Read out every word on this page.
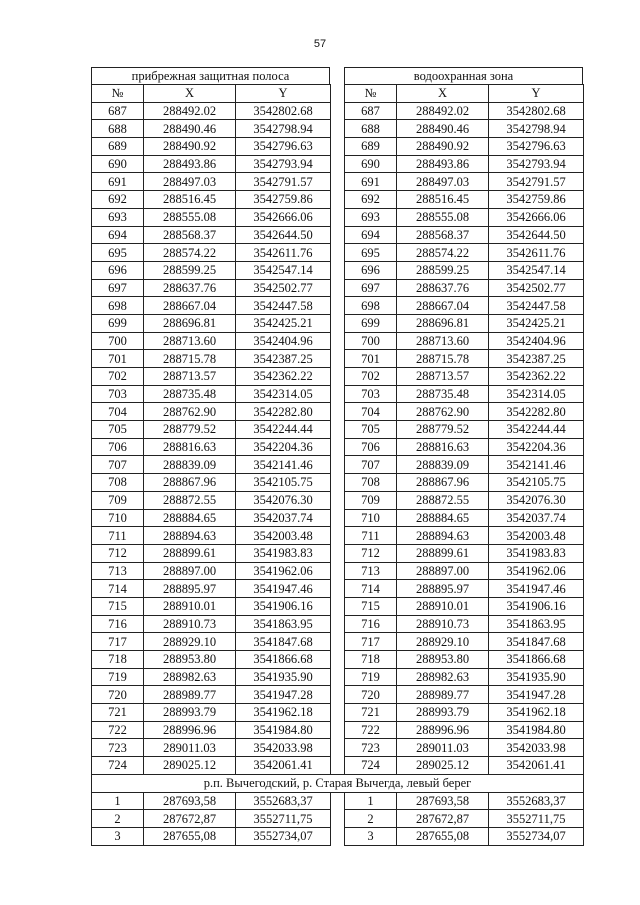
57
прибрежная защитная полоса	водоохранная зона
№	X	Y		№	X	Y
687	288492.02	3542802.68		687	288492.02	3542802.68
688	288490.46	3542798.94		688	288490.46	3542798.94
689	288490.92	3542796.63		689	288490.92	3542796.63
690	288493.86	3542793.94		690	288493.86	3542793.94
691	288497.03	3542791.57		691	288497.03	3542791.57
692	288516.45	3542759.86		692	288516.45	3542759.86
693	288555.08	3542666.06		693	288555.08	3542666.06
694	288568.37	3542644.50		694	288568.37	3542644.50
695	288574.22	3542611.76		695	288574.22	3542611.76
696	288599.25	3542547.14		696	288599.25	3542547.14
697	288637.76	3542502.77		697	288637.76	3542502.77
698	288667.04	3542447.58		698	288667.04	3542447.58
699	288696.81	3542425.21		699	288696.81	3542425.21
700	288713.60	3542404.96		700	288713.60	3542404.96
701	288715.78	3542387.25		701	288715.78	3542387.25
702	288713.57	3542362.22		702	288713.57	3542362.22
703	288735.48	3542314.05		703	288735.48	3542314.05
704	288762.90	3542282.80		704	288762.90	3542282.80
705	288779.52	3542244.44		705	288779.52	3542244.44
706	288816.63	3542204.36		706	288816.63	3542204.36
707	288839.09	3542141.46		707	288839.09	3542141.46
708	288867.96	3542105.75		708	288867.96	3542105.75
709	288872.55	3542076.30		709	288872.55	3542076.30
710	288884.65	3542037.74		710	288884.65	3542037.74
711	288894.63	3542003.48		711	288894.63	3542003.48
712	288899.61	3541983.83		712	288899.61	3541983.83
713	288897.00	3541962.06		713	288897.00	3541962.06
714	288895.97	3541947.46		714	288895.97	3541947.46
715	288910.01	3541906.16		715	288910.01	3541906.16
716	288910.73	3541863.95		716	288910.73	3541863.95
717	288929.10	3541847.68		717	288929.10	3541847.68
718	288953.80	3541866.68		718	288953.80	3541866.68
719	288982.63	3541935.90		719	288982.63	3541935.90
720	288989.77	3541947.28		720	288989.77	3541947.28
721	288993.79	3541962.18		721	288993.79	3541962.18
722	288996.96	3541984.80		722	288996.96	3541984.80
723	289011.03	3542033.98		723	289011.03	3542033.98
724	289025.12	3542061.41		724	289025.12	3542061.41
р.п. Вычегодский, р. Старая Вычегда, левый берег						
1	287693,58	3552683,37		1	287693,58	3552683,37
2	287672,87	3552711,75		2	287672,87	3552711,75
3	287655,08	3552734,07		3	287655,08	3552734,07
